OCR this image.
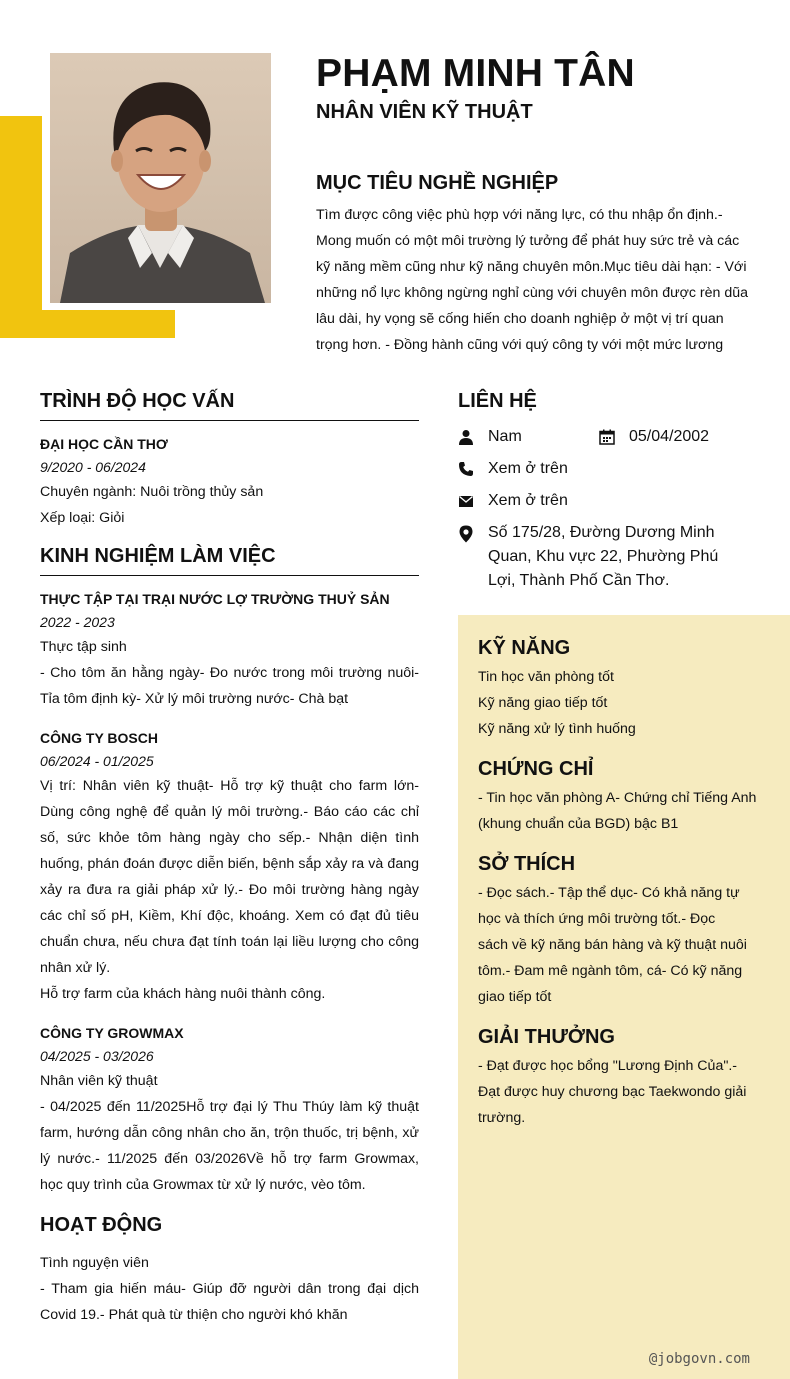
PHẠM MINH TÂN
NHÂN VIÊN KỸ THUẬT
MỤC TIÊU NGHỀ NGHIỆP
Tìm được công việc phù hợp với năng lực, có thu nhập ổn định.- Mong muốn có một môi trường lý tưởng để phát huy sức trẻ và các kỹ năng mềm cũng như kỹ năng chuyên môn.Mục tiêu dài hạn: - Với những nổ lực không ngừng nghỉ cùng với chuyên môn được rèn dũa lâu dài, hy vọng sẽ cống hiến cho doanh nghiệp ở một vị trí quan trọng hơn. - Đồng hành cũng với quý công ty với một mức lương
TRÌNH ĐỘ HỌC VẤN
ĐẠI HỌC CẦN THƠ
9/2020 - 06/2024
Chuyên ngành: Nuôi trồng thủy sản
Xếp loại: Giỏi
KINH NGHIỆM LÀM VIỆC
THỰC TẬP TẠI TRẠI NƯỚC LỢ TRƯỜNG THUỶ SẢN
2022 - 2023
Thực tập sinh
- Cho tôm ăn hằng ngày- Đo nước trong môi trường nuôi- Tỉa tôm định kỳ- Xử lý môi trường nước- Chà bạt
CÔNG TY BOSCH
06/2024 - 01/2025
Vị trí: Nhân viên kỹ thuật- Hỗ trợ kỹ thuật cho farm lớn- Dùng công nghệ để quản lý môi trường.- Báo cáo các chỉ số, sức khỏe tôm hàng ngày cho sếp.- Nhận diện tình huống, phán đoán được diễn biến, bệnh sắp xảy ra và đang xảy ra đưa ra giải pháp xử lý.- Đo môi trường hàng ngày các chỉ số pH, Kiềm, Khí độc, khoáng. Xem có đạt đủ tiêu chuẩn chưa, nếu chưa đạt tính toán lại liều lượng cho công nhân xử lý.
Hỗ trợ farm của khách hàng nuôi thành công.
CÔNG TY GROWMAX
04/2025 - 03/2026
Nhân viên kỹ thuật
- 04/2025 đến 11/2025Hỗ trợ đại lý Thu Thúy làm kỹ thuật farm, hướng dẫn công nhân cho ăn, trộn thuốc, trị bệnh, xử lý nước.- 11/2025 đến 03/2026Về hỗ trợ farm Growmax, học quy trình của Growmax từ xử lý nước, vèo tôm.
HOẠT ĐỘNG
Tình nguyện viên
- Tham gia hiến máu- Giúp đỡ người dân trong đại dịch Covid 19.- Phát quà từ thiện cho người khó khăn
LIÊN HỆ
Nam	05/04/2002
Xem ở trên
Xem ở trên
Số 175/28, Đường Dương Minh Quan, Khu vực 22, Phường Phú Lợi, Thành Phố Cần Thơ.
KỸ NĂNG
Tin học văn phòng tốt
Kỹ năng giao tiếp tốt
Kỹ năng xử lý tình huống
CHỨNG CHỈ
- Tin học văn phòng A- Chứng chỉ Tiếng Anh (khung chuẩn của BGD) bậc B1
SỞ THÍCH
- Đọc sách.- Tập thể dục- Có khả năng tự học và thích ứng môi trường tốt.- Đọc sách về kỹ năng bán hàng và kỹ thuật nuôi tôm.- Đam mê ngành tôm, cá- Có kỹ năng giao tiếp tốt
GIẢI THƯỞNG
- Đạt được học bổng "Lương Định Của".- Đạt được huy chương bạc Taekwondo giải trường.
@jobgovn.com
